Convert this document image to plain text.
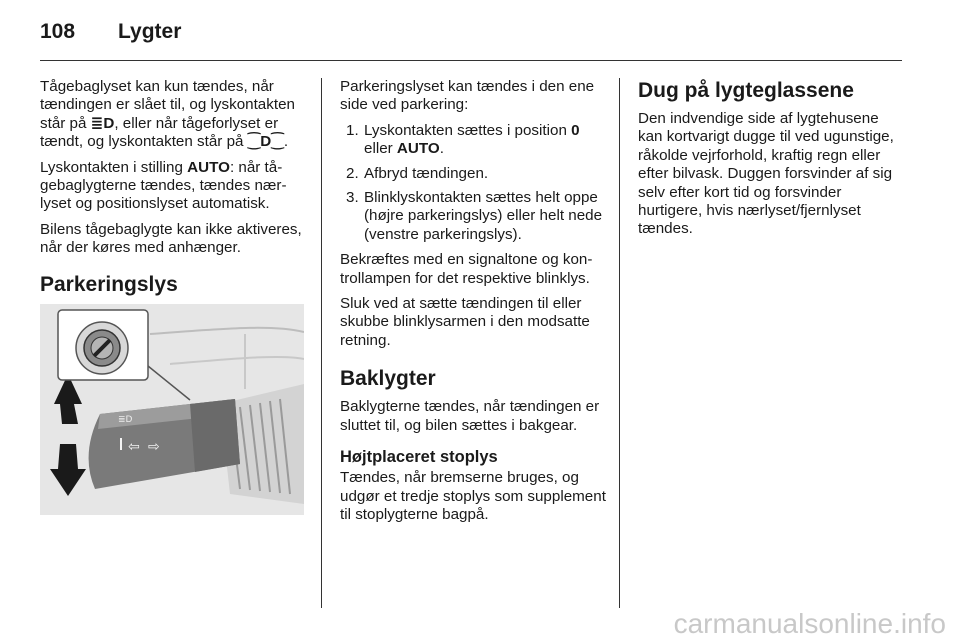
108 Lygter

Tågebaglyset kan kun tændes, når tændingen er slået til, og lyskontakten står på ≣D, eller når tågeforlyset er tændt, og lyskontakten står på ⁐D⁐.

Lyskontakten i stilling AUTO: når tågebaglygterne tændes, tændes nærlyset og positionslyset automatisk.

Bilens tågebaglygte kan ikke aktiveres, når der køres med anhænger.

Parkeringslys
≣D
⇦ ⇨

Parkeringslyset kan tændes i den ene side ved parkering:

1. Lyskontakten sættes i position 0 eller AUTO.
2. Afbryd tændingen.
3. Blinklyskontakten sættes helt oppe (højre parkeringslys) eller helt nede (venstre parkeringslys).

Bekræftes med en signaltone og kontrollampen for det respektive blinklys.

Sluk ved at sætte tændingen til eller skubbe blinklysarmen i den modsatte retning.

Baklygter

Baklygterne tændes, når tændingen er sluttet til, og bilen sættes i bakgear.

Højtplaceret stoplys

Tændes, når bremserne bruges, og udgør et tredje stoplys som supplement til stoplygterne bagpå.

Dug på lygteglassene

Den indvendige side af lygtehusene kan kortvarigt dugge til ved ugunstige, råkolde vejrforhold, kraftig regn eller efter bilvask. Duggen forsvinder af sig selv efter kort tid og forsvinder hurtigere, hvis nærlyset/fjernlyset tændes.

carmanualsonline.info
